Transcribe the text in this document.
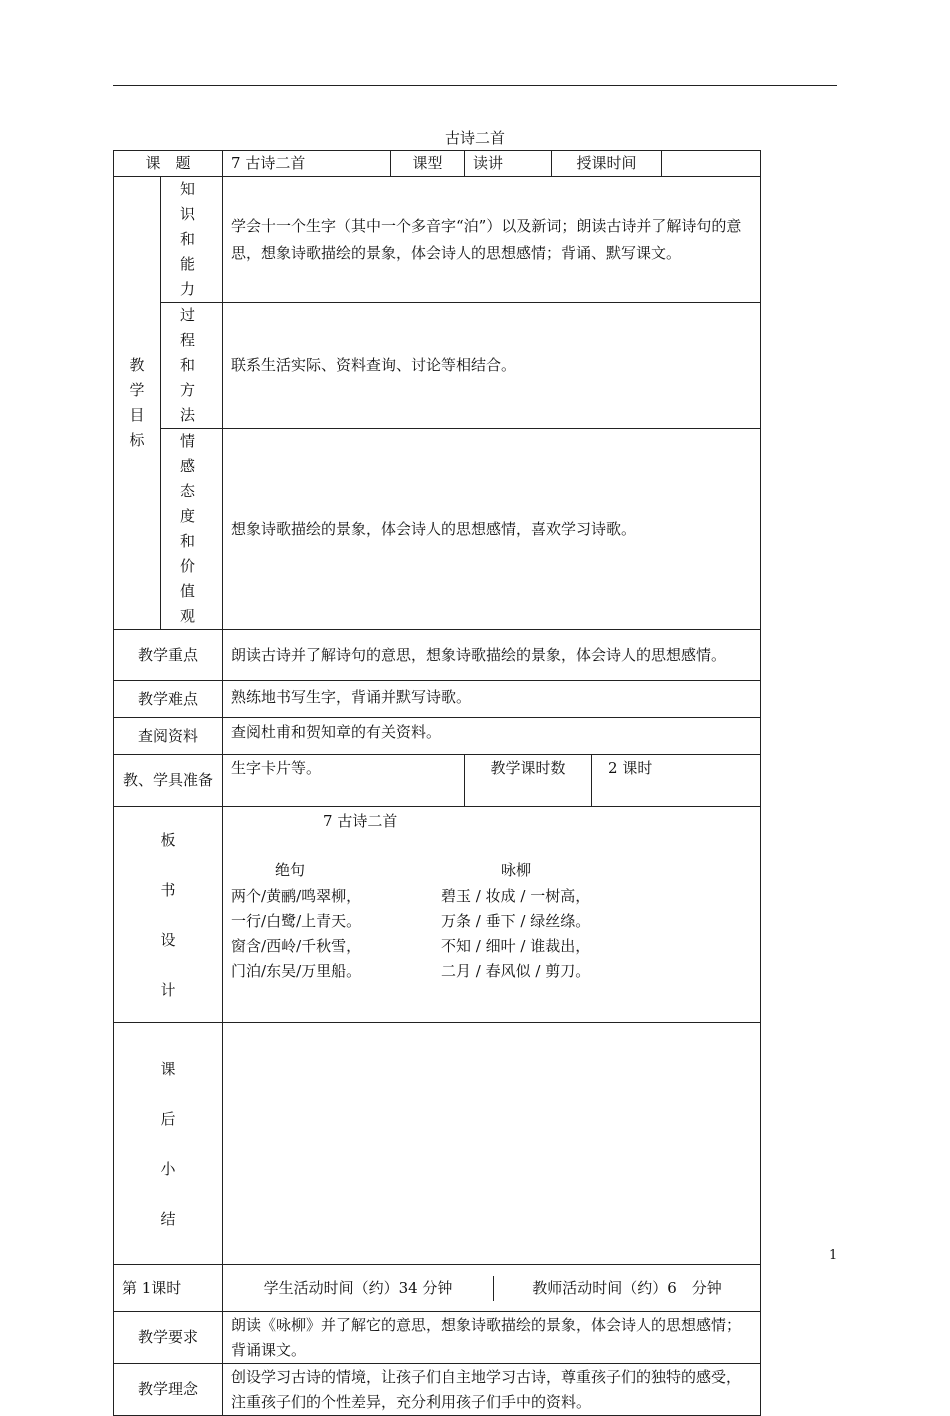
古诗二首
课　题	7 古诗二首	课型	读讲	授课时间	

教
学
目
标

知 识
和 能
力
	学会十一个生字（其中一个多音字“泊”）以及新词；朗读古诗并了解诗句的意思，想象诗歌描绘的景象，体会诗人的思想感情；背诵、默写课文。

过 程
和 方
法
	联系生活实际、资料查询、讨论等相结合。

情 感
态 度
和 价
值观
	想象诗歌描绘的景象，体会诗人的思想感情，喜欢学习诗歌。
教学重点	朗读古诗并了解诗句的意思，想象诗歌描绘的景象，体会诗人的思想感情。
教学难点	熟练地书写生字，背诵并默写诗歌。
查阅资料	查阅杜甫和贺知章的有关资料。
教、学具准备	生字卡片等。	教学课时数	2 课时

板
书
设
计

7 古诗二首
绝句
两个/黄鹂/鸣翠柳，
一行/白鹭/上青天。
窗含/西岭/千秋雪，
门泊/东吴/万里船。
咏柳
碧玉 / 妆成 / 一树高，
万条 / 垂下 / 绿丝绦。
不知 / 细叶 / 谁裁出，
二月 / 春风似 / 剪刀。

课
后
小
结

第 1课时		学生活动时间（约）34 分钟	教师活动时间（约）6　分钟

教学要求	朗读《咏柳》并了解它的意思，想象诗歌描绘的景象，体会诗人的思想感情；背诵课文。
教学理念	创设学习古诗的情境，让孩子们自主地学习古诗，尊重孩子们的独特的感受，注重孩子们的个性差异，充分利用孩子们手中的资料。
1
